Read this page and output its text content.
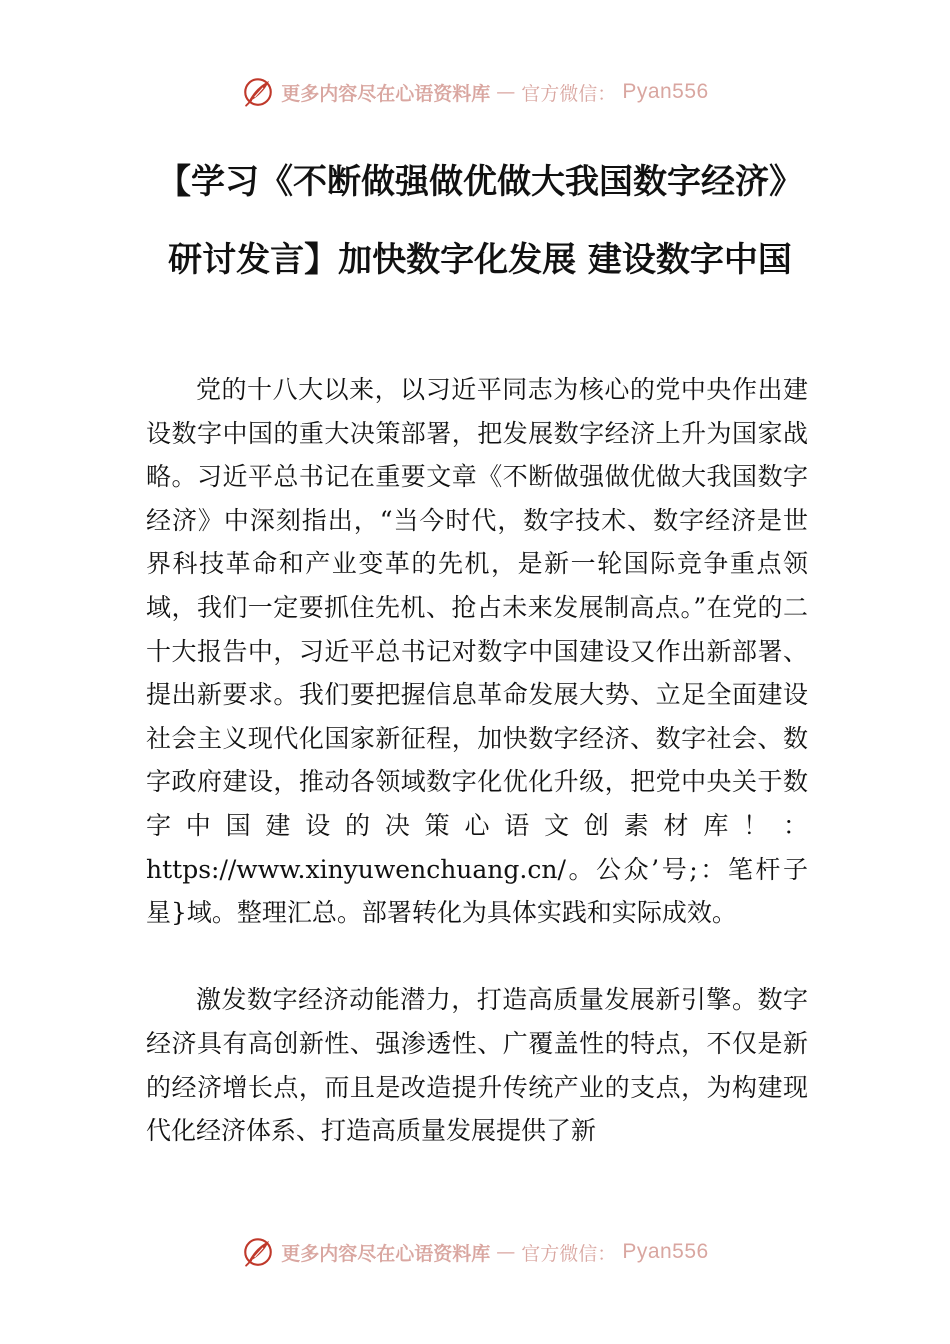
更多内容尽在心语资料库 — 官方微信： Pyan556
【学习《不断做强做优做大我国数字经济》
研讨发言】加快数字化发展 建设数字中国

党的十八大以来，以习近平同志为核心的党中央作出建设数字中国的重大决策部署，把发展数字经济上升为国家战略。习近平总书记在重要文章《不断做强做优做大我国数字经济》中深刻指出，“当今时代，数字技术、数字经济是世界科技革命和产业变革的先机，是新一轮国际竞争重点领域，我们一定要抓住先机、抢占未来发展制高点。”在党的二十大报告中，习近平总书记对数字中国建设又作出新部署、提出新要求。我们要把握信息革命发展大势、立足全面建设社会主义现代化国家新征程，加快数字经济、数字社会、数字政府建设，推动各领域数字化优化升级，把党中央关于数字中国建设的决策心语文创素材库！：https://www.xinyuwenchuang.cn/。公众’号;：笔杆子星}域。整理汇总。部署转化为具体实践和实际成效。

激发数字经济动能潜力，打造高质量发展新引擎。数字经济具有高创新性、强渗透性、广覆盖性的特点，不仅是新的经济增长点，而且是改造提升传统产业的支点，为构建现代化经济体系、打造高质量发展提供了新

更多内容尽在心语资料库 — 官方微信： Pyan556
